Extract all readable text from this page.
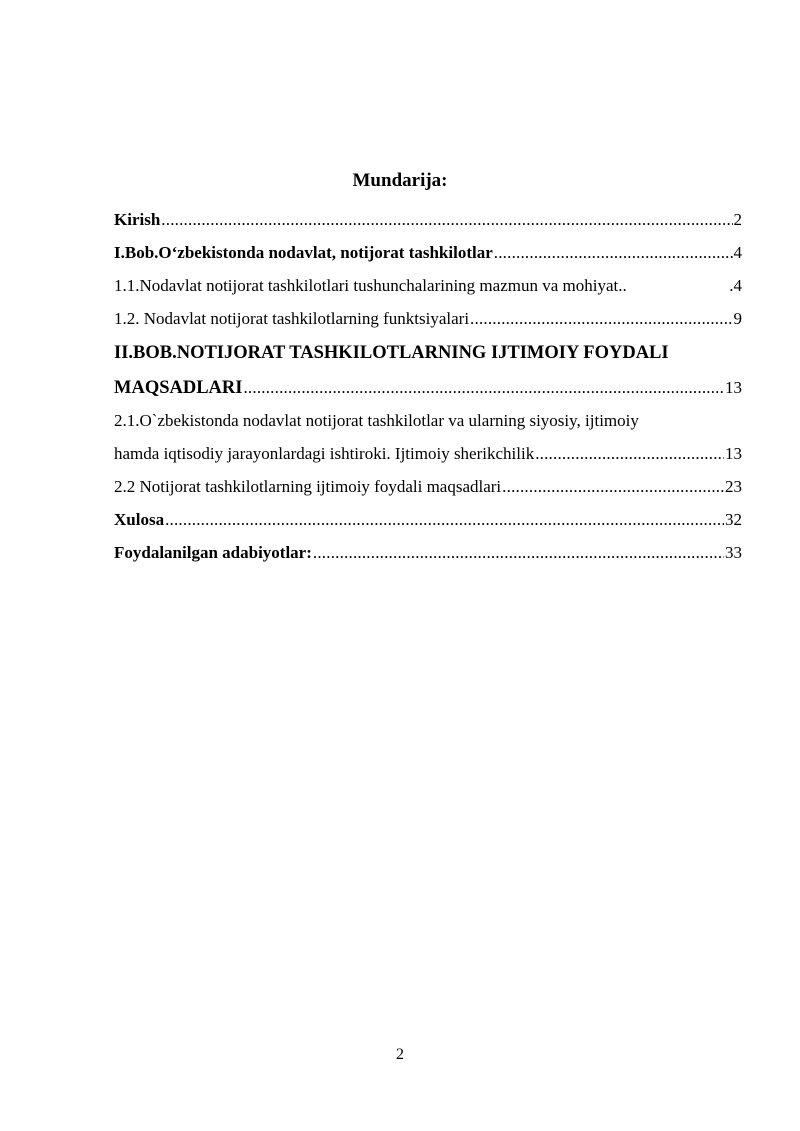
Mundarija:
Kirish .....	2
I.Bob.O‘zbekistonda nodavlat, notijorat tashkilotlar .....	4
1.1.Nodavlat notijorat tashkilotlari tushunchalarining mazmun va mohiyat..	.4
1.2. Nodavlat notijorat tashkilotlarning funktsiyalari .....	9
II.BOB.NOTIJORAT TASHKILOTLARNING IJTIMOIY FOYDALI
MAQSADLARI .....	13
2.1.O`zbekistonda nodavlat notijorat tashkilotlar va ularning siyosiy, ijtimoiy
hamda iqtisodiy jarayonlardagi ishtiroki. Ijtimoiy sherikchilik .....	13
2.2 Notijorat tashkilotlarning ijtimoiy foydali maqsadlari .....	23
Xulosa .....	32
Foydalanilgan adabiyotlar: .....	33
2
